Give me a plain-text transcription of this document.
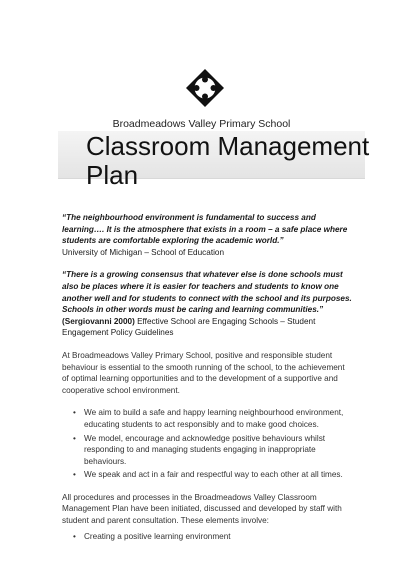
Broadmeadows Valley Primary School
Classroom Management
Plan

“The neighbourhood environment is fundamental to success and learning…. It is the atmosphere that exists in a room – a safe place where students are comfortable exploring the academic world.”

University of Michigan – School of Education

“There is a growing consensus that whatever else is done schools must also be places where it is easier for teachers and students to know one another well and for students to connect with the school and its purposes. Schools in other words must be caring and learning communities.”

(Sergiovanni 2000) Effective School are Engaging Schools – Student Engagement Policy Guidelines

At Broadmeadows Valley Primary School, positive and responsible student behaviour is essential to the smooth running of the school, to the achievement of optimal learning opportunities and to the development of a supportive and cooperative school environment.

• We aim to build a safe and happy learning neighbourhood environment, educating students to act responsibly and to make good choices.
• We model, encourage and acknowledge positive behaviours whilst responding to and managing students engaging in inappropriate behaviours.
• We speak and act in a fair and respectful way to each other at all times.

All procedures and processes in the Broadmeadows Valley Classroom Management Plan have been initiated, discussed and developed by staff with student and parent consultation. These elements involve:

• Creating a positive learning environment
